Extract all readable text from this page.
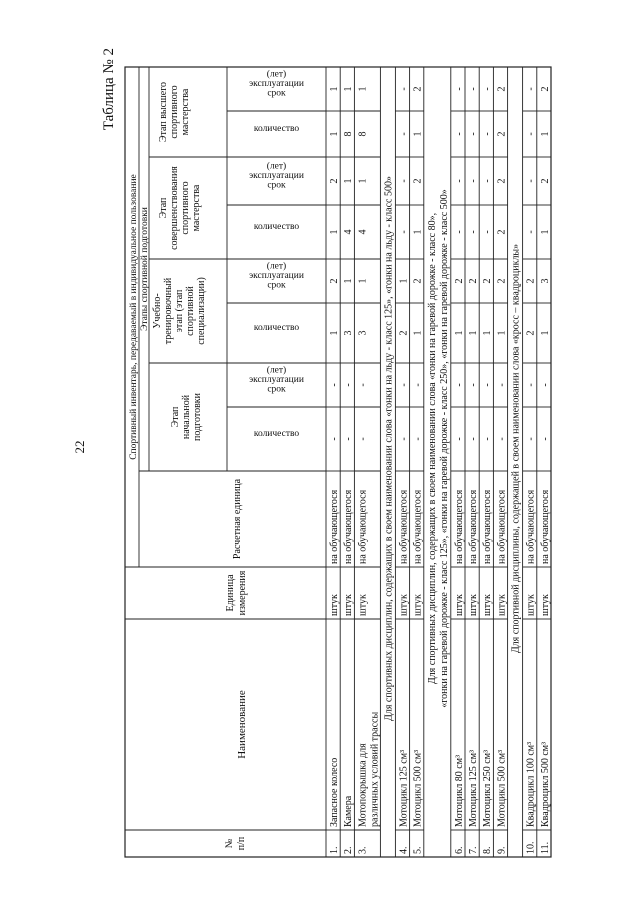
22
Таблица № 2
Спортивный инвентарь, передаваемый в индивидуальное пользование Этапы спортивной подготовки
№ п/п
Наименование
Единица измерения
Расчетная единица
Этап начальной подготовки
Учебно- тренировочный этап (этап спортивной специализации)
Этап совершенствования спортивного мастерства
Этап высшего спортивного мастерства
количество
срок
эксплуатации
(лет)
количество
срок
эксплуатации
(лет)
количество
срок
эксплуатации
(лет)
количество
срок
эксплуатации
(лет)
1.
Запасное колесо
штук
на обучающегося
-
-
1
2
1
2
1
1
2.
Камера
штук
на обучающегося
-
-
3
1
4
1
8
1
3.
Мотопокрышка для различных условий трассы
штук
на обучающегося
-
-
3
1
4
1
8
1
Для спортивных дисциплин, содержащих в своем наименовании слова «гонки на льду - класс 125», «гонки на льду - класс 500»
4.
Мотоцикл 125 см³
штук
на обучающегося
-
-
2
1
-
-
-
-
5.
Мотоцикл 500 см³
штук
на обучающегося
-
-
1
2
1
2
1
2
Для спортивных дисциплин, содержащих в своем наименовании слова «гонки на гаревой дорожке - класс 80», «гонки на гаревой дорожке - класс 125», «гонки на гаревой дорожке - класс 250», «гонки на гаревой дорожке - класс 500»
6.
Мотоцикл 80 см³
штук
на обучающегося
-
-
1
2
-
-
-
-
7.
Мотоцикл 125 см³
штук
на обучающегося
-
-
1
2
-
-
-
-
8.
Мотоцикл 250 см³
штук
на обучающегося
-
-
1
2
-
-
-
-
9.
Мотоцикл 500 см³
штук
на обучающегося
-
-
1
2
2
2
2
2
Для спортивной дисциплины, содержащей в своем наименовании слова «кросс – квадроциклы»
10.
Квадроцикл 100 см³
штук
на обучающегося
-
-
2
2
-
-
-
-
11.
Квадроцикл 500 см³
штук
на обучающегося
-
-
1
3
1
2
1
2
